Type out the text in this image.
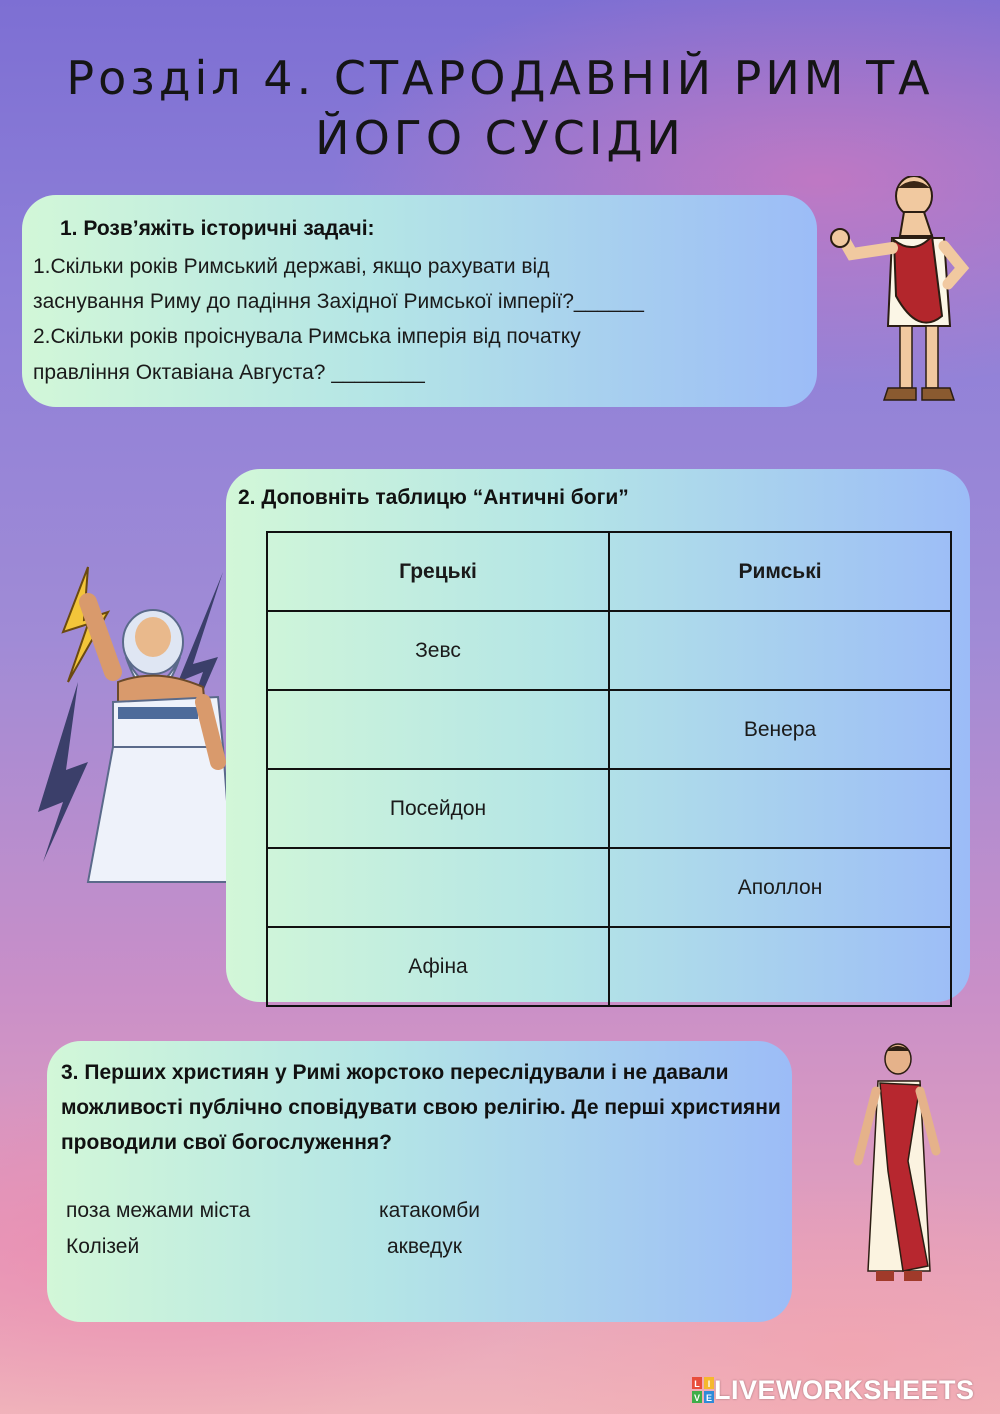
Розділ 4. СТАРОДАВНІЙ РИМ ТА ЙОГО СУСІДИ
1. Розв’яжіть історичні задачі:
1.Скільки років Римський державі, якщо рахувати від
заснування Риму до падіння Західної Римської імперії?______
2.Скільки років проіснувала Римська імперія від початку
правління Октавіана Августа? ________
2. Доповніть таблицю “Античні боги”
Грецькі	Римські
Зевс	
	Венера
Посейдон	
	Аполлон
Афіна	
3. Перших християн у Римі жорстоко переслідували і не давали можливості публічно сповідувати свою релігію. Де перші християни проводили свої богослуження?
поза межами міста	катакомби
Колізей	акведук
L I
V E LIVEWORKSHEETS
